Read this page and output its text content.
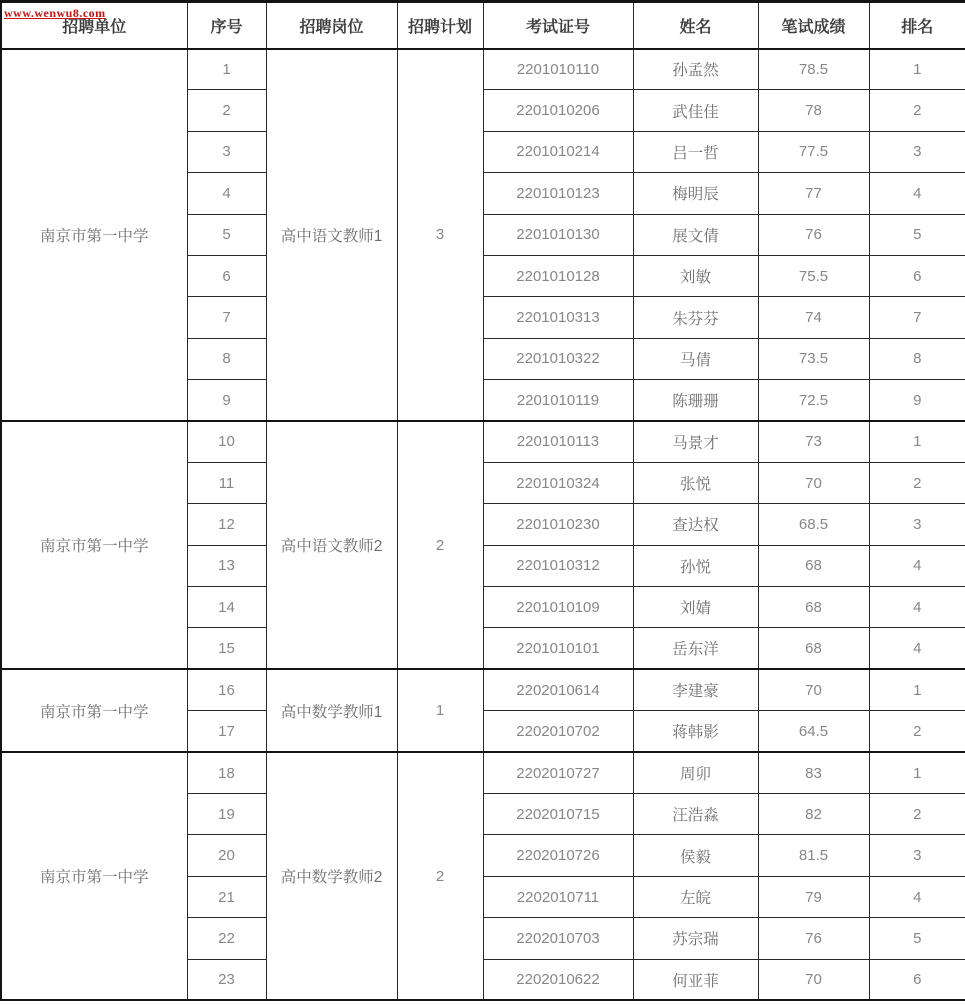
www.wenwu8.com
招聘单位	序号	招聘岗位	招聘计划	考试证号	姓名	笔试成绩	排名
南京市第一中学	1	高中语文教师1	3	2201010110	孙孟然	78.5	1
	2			2201010206	武佳佳	78	2
	3			2201010214	吕一哲	77.5	3
	4			2201010123	梅明辰	77	4
	5			2201010130	展文倩	76	5
	6			2201010128	刘敏	75.5	6
	7			2201010313	朱芬芬	74	7
	8			2201010322	马倩	73.5	8
	9			2201010119	陈珊珊	72.5	9
南京市第一中学	10	高中语文教师2	2	2201010113	马景才	73	1
	11			2201010324	张悦	70	2
	12			2201010230	查达权	68.5	3
	13			2201010312	孙悦	68	4
	14			2201010109	刘婧	68	4
	15			2201010101	岳东洋	68	4
南京市第一中学	16	高中数学教师1	1	2202010614	李建豪	70	1
	17			2202010702	蒋韩影	64.5	2
南京市第一中学	18	高中数学教师2	2	2202010727	周卯	83	1
	19			2202010715	汪浩淼	82	2
	20			2202010726	侯毅	81.5	3
	21			2202010711	左皖	79	4
	22			2202010703	苏宗瑞	76	5
	23			2202010622	何亚菲	70	6
